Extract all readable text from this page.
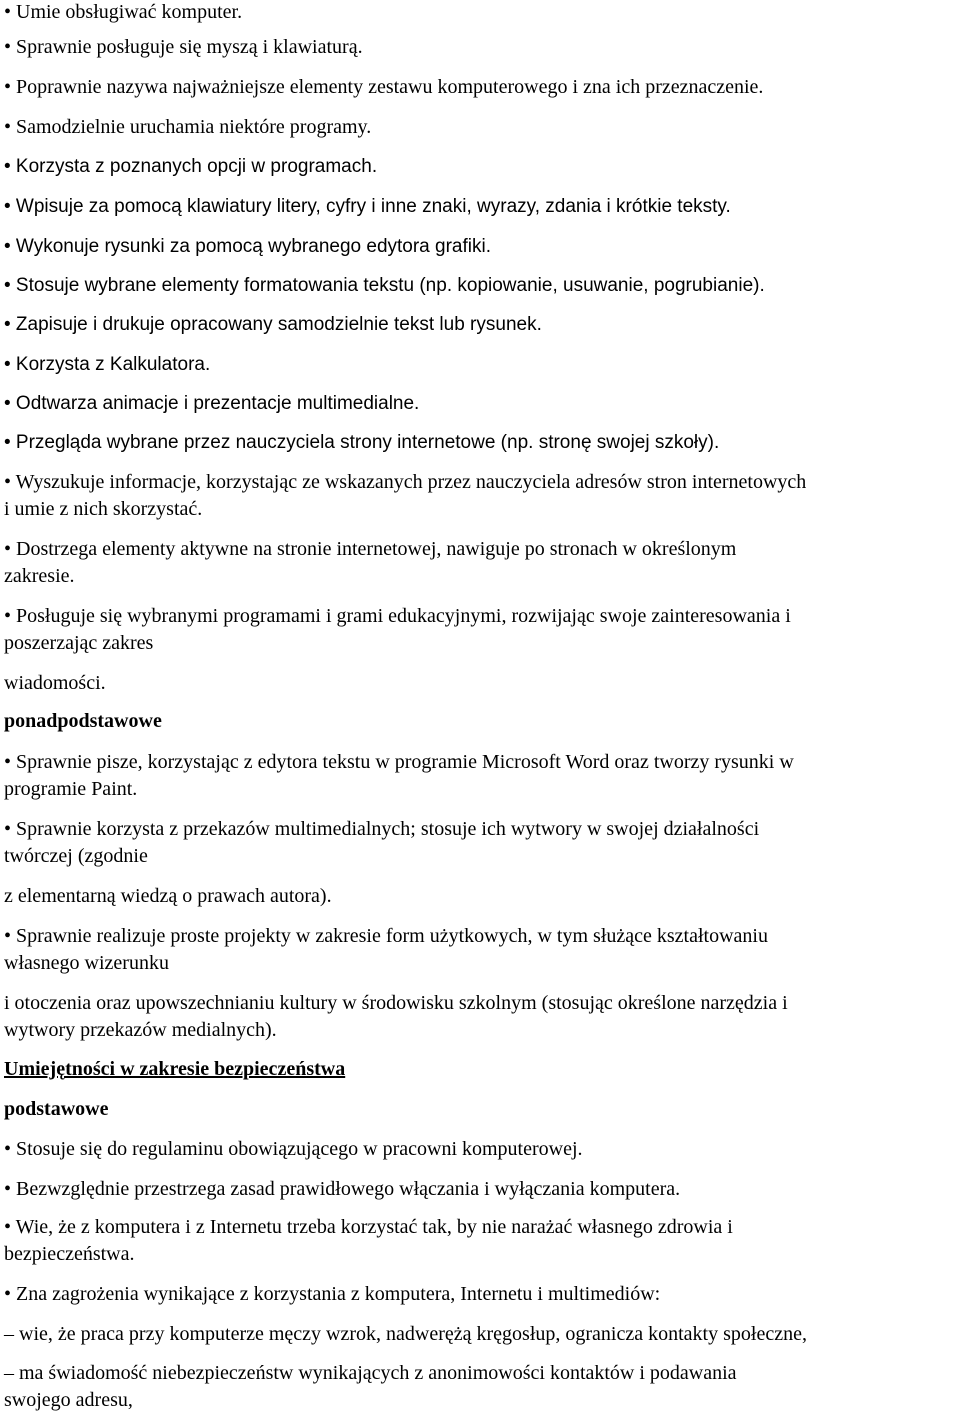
• Umie obsługiwać komputer.
• Sprawnie posługuje się myszą i klawiaturą.
• Poprawnie nazywa najważniejsze elementy zestawu komputerowego i zna ich przeznaczenie.
• Samodzielnie uruchamia niektóre programy.
• Korzysta z poznanych opcji w programach.
• Wpisuje za pomocą klawiatury litery, cyfry i inne znaki, wyrazy, zdania i krótkie teksty.
• Wykonuje rysunki za pomocą wybranego edytora grafiki.
• Stosuje wybrane elementy formatowania tekstu (np. kopiowanie, usuwanie, pogrubianie).
• Zapisuje i drukuje opracowany samodzielnie tekst lub rysunek.
• Korzysta z Kalkulatora.
• Odtwarza animacje i prezentacje multimedialne.
• Przegląda wybrane przez nauczyciela strony internetowe (np. stronę swojej szkoły).
• Wyszukuje informacje, korzystając ze wskazanych przez nauczyciela adresów stron internetowych
i umie z nich skorzystać.
• Dostrzega elementy aktywne na stronie internetowej, nawiguje po stronach w określonym
zakresie.
• Posługuje się wybranymi programami i grami edukacyjnymi, rozwijając swoje zainteresowania i
poszerzając zakres
wiadomości.
ponadpodstawowe
• Sprawnie pisze, korzystając z edytora tekstu w programie Microsoft Word oraz tworzy rysunki w
programie Paint.
• Sprawnie korzysta z przekazów multimedialnych; stosuje ich wytwory w swojej działalności
twórczej (zgodnie
z elementarną wiedzą o prawach autora).
• Sprawnie realizuje proste projekty w zakresie form użytkowych, w tym służące kształtowaniu
własnego wizerunku
i otoczenia oraz upowszechnianiu kultury w środowisku szkolnym (stosując określone narzędzia i
wytwory przekazów medialnych).
Umiejętności w zakresie bezpieczeństwa
podstawowe
• Stosuje się do regulaminu obowiązującego w pracowni komputerowej.
• Bezwzględnie przestrzega zasad prawidłowego włączania i wyłączania komputera.
• Wie, że z komputera i z Internetu trzeba korzystać tak, by nie narażać własnego zdrowia i
bezpieczeństwa.
• Zna zagrożenia wynikające z korzystania z komputera, Internetu i multimediów:
– wie, że praca przy komputerze męczy wzrok, nadwerężą kręgosłup, ogranicza kontakty społeczne,
– ma świadomość niebezpieczeństw wynikających z anonimowości kontaktów i podawania
swojego adresu,
